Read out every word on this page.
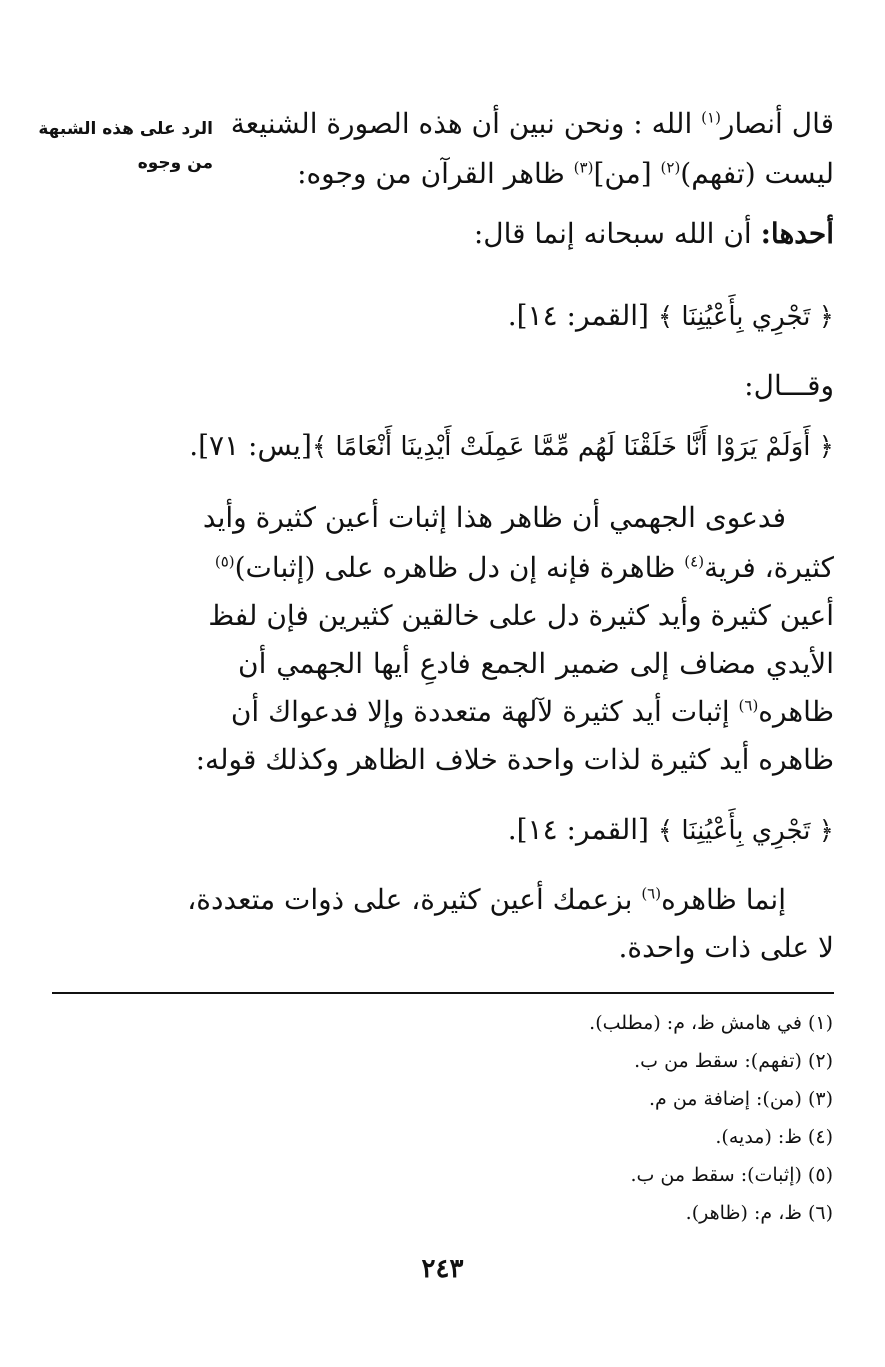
الرد على هذه الشبهة
من وجوه
قال أنصار$^{(١)}$ الله : ونحن نبين أن هذه الصورة الشنيعة
ليست (تفهم)$^{(٢)}$ [من]$^{(٣)}$ ظاهر القرآن من وجوه:
أحدها: أن الله سبحانه إنما قال:
﴿ تَجْرِي بِأَعْيُنِنَا ﴾ [القمر: ١٤].
وقـــال:
﴿ أَوَلَمْ يَرَوْا أَنَّا خَلَقْنَا لَهُم مِّمَّا عَمِلَتْ أَيْدِينَا أَنْعَامًا ﴾[يس: ٧١].
فدعوى الجهمي أن ظاهر هذا إثبات أعين كثيرة وأيد
كثيرة، فرية$^{(٤)}$ ظاهرة فإنه إن دل ظاهره على (إثبات)$^{(٥)}$
أعين كثيرة وأيد كثيرة دل على خالقين كثيرين فإن لفظ
الأيدي مضاف إلى ضمير الجمع فادعِ أيها الجهمي أن
ظاهره$^{(٦)}$ إثبات أيد كثيرة لآلهة متعددة وإلا فدعواك أن
ظاهره أيد كثيرة لذات واحدة خلاف الظاهر وكذلك قوله:
﴿ تَجْرِي بِأَعْيُنِنَا ﴾ [القمر: ١٤].
إنما ظاهره$^{(٦)}$ بزعمك أعين كثيرة، على ذوات متعددة،
لا على ذات واحدة.
(١) في هامش ظ، م: (مطلب).
(٢) (تفهم): سقط من ب.
(٣) (من): إضافة من م.
(٤) ظ: (مديه).
(٥) (إثبات): سقط من ب.
(٦) ظ، م: (ظاهر).
٢٤٣
